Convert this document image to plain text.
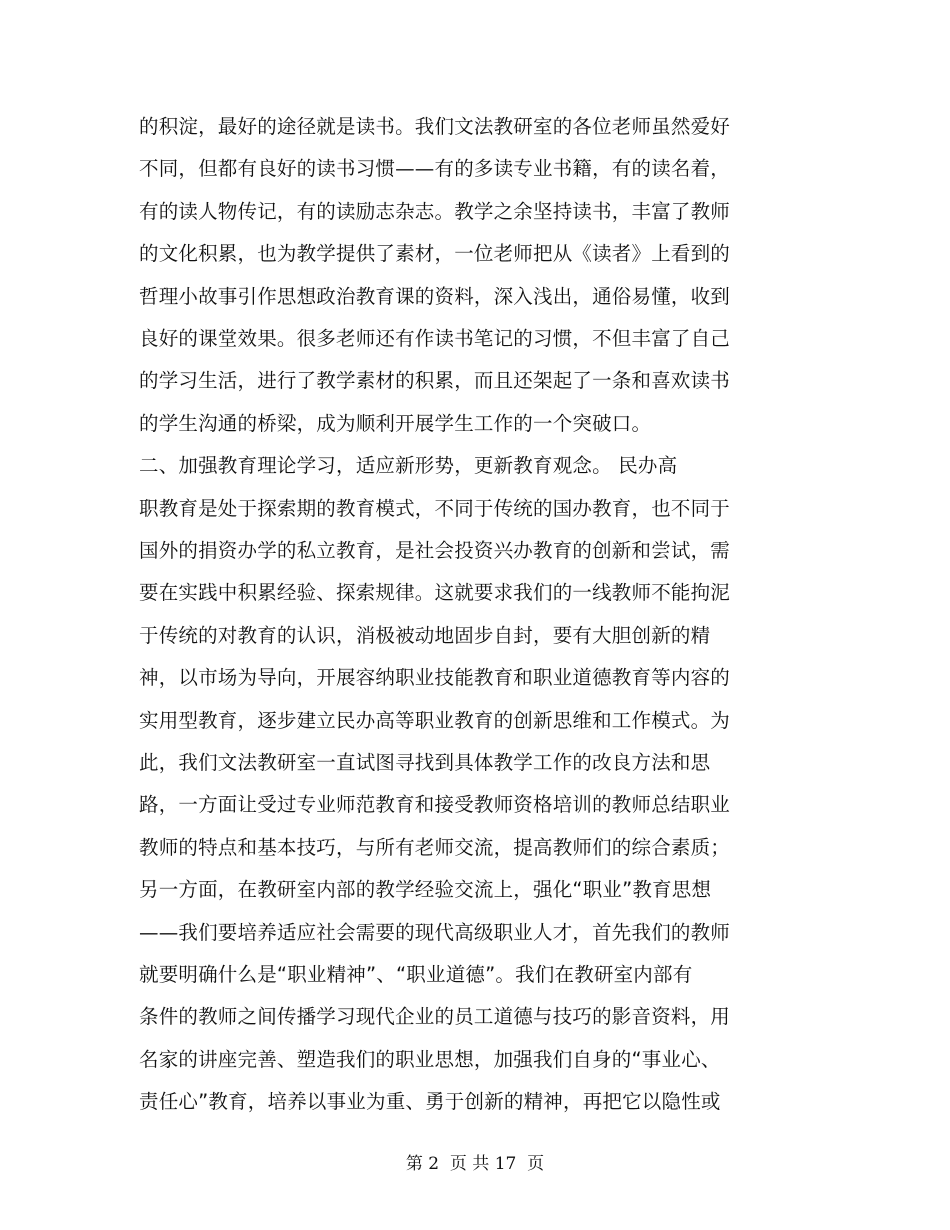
的积淀，最好的途径就是读书。我们文法教研室的各位老师虽然爱好
不同，但都有良好的读书习惯——有的多读专业书籍，有的读名着，
有的读人物传记，有的读励志杂志。教学之余坚持读书，丰富了教师
的文化积累，也为教学提供了素材，一位老师把从《读者》上看到的
哲理小故事引作思想政治教育课的资料，深入浅出，通俗易懂，收到
良好的课堂效果。很多老师还有作读书笔记的习惯，不但丰富了自己
的学习生活，进行了教学素材的积累，而且还架起了一条和喜欢读书
的学生沟通的桥梁，成为顺利开展学生工作的一个突破口。
二、加强教育理论学习，适应新形势，更新教育观念。 民办高
职教育是处于探索期的教育模式，不同于传统的国办教育，也不同于
国外的捐资办学的私立教育，是社会投资兴办教育的创新和尝试，需
要在实践中积累经验、探索规律。这就要求我们的一线教师不能拘泥
于传统的对教育的认识，消极被动地固步自封，要有大胆创新的精
神，以市场为导向，开展容纳职业技能教育和职业道德教育等内容的
实用型教育，逐步建立民办高等职业教育的创新思维和工作模式。为
此，我们文法教研室一直试图寻找到具体教学工作的改良方法和思
路，一方面让受过专业师范教育和接受教师资格培训的教师总结职业
教师的特点和基本技巧，与所有老师交流，提高教师们的综合素质；
另一方面，在教研室内部的教学经验交流上，强化“职业”教育思想
——我们要培养适应社会需要的现代高级职业人才，首先我们的教师
就要明确什么是“职业精神”、“职业道德”。我们在教研室内部有
条件的教师之间传播学习现代企业的员工道德与技巧的影音资料，用
名家的讲座完善、塑造我们的职业思想，加强我们自身的“事业心、
责任心”教育，培养以事业为重、勇于创新的精神，再把它以隐性或
第 2  页 共 17  页
